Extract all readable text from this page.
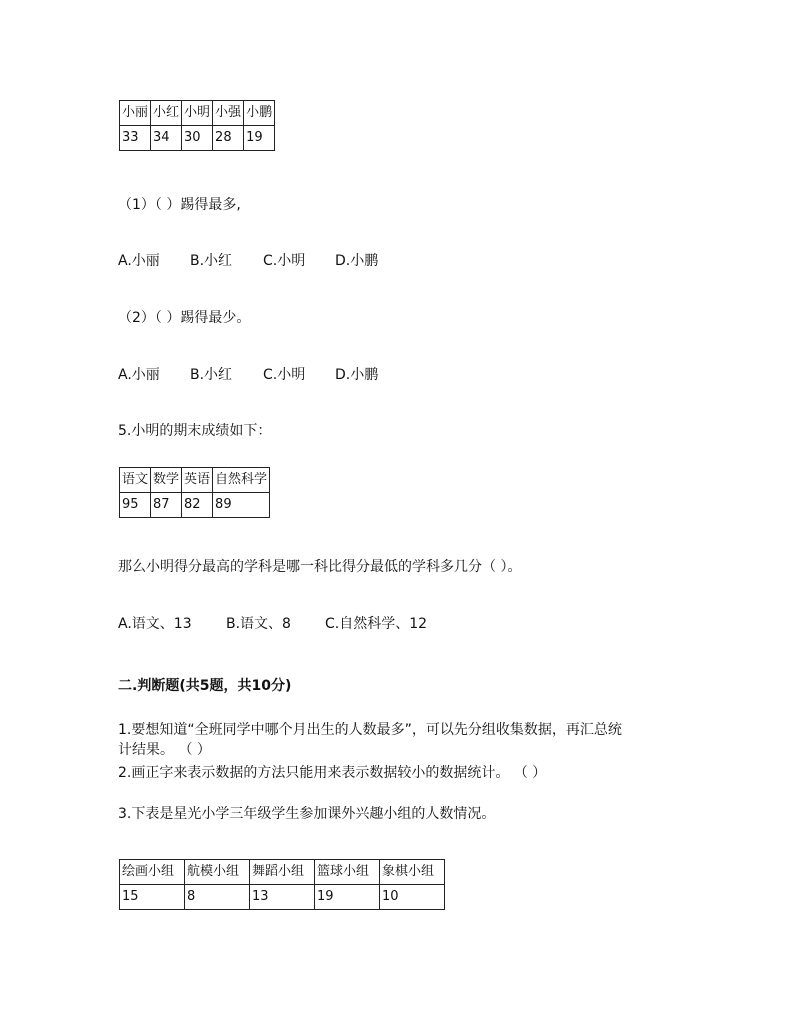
小丽	小红	小明	小强	小鹏
33	34	30	28	19
（1）（ ）踢得最多,
A.小丽 B.小红 C.小明 D.小鹏
（2）（ ）踢得最少。
A.小丽 B.小红 C.小明 D.小鹏
5.小明的期末成绩如下：
语文	数学	英语	自然科学
95	87	82	89
那么小明得分最高的学科是哪一科比得分最低的学科多几分（ ）。
A.语文、13 B.语文、8 C.自然科学、12
二.判断题(共5题，共10分)
1.要想知道“全班同学中哪个月出生的人数最多”，可以先分组收集数据，再汇总统
计结果。 （ ）
2.画正字来表示数据的方法只能用来表示数据较小的数据统计。 （ ）
3.下表是星光小学三年级学生参加课外兴趣小组的人数情况。
绘画小组	航模小组	舞蹈小组	篮球小组	象棋小组
15	8	13	19	10
